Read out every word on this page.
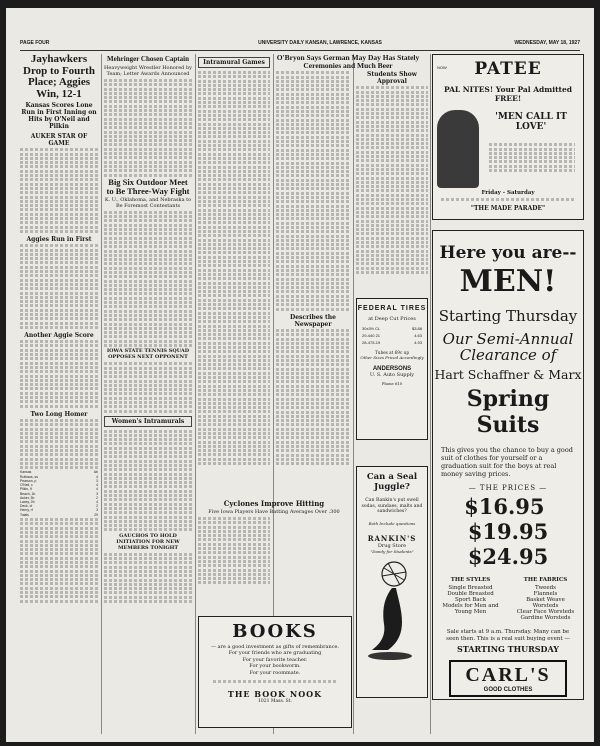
PAGE FOUR	UNIVERSITY DAILY KANSAN, LAWRENCE, KANSAS	WEDNESDAY, MAY 18, 1927
Jayhawkers Drop to Fourth Place; Aggies Win, 12-1
Kansas Scores Lone Run in First Inning on Hits by O'Neil and Pilkin
AUKER STAR OF GAME
Aggies Run in First
Another Aggie Score
Two Long Homer
Kansas	Ab
Ruthaus, ss	4
Pearson, p	3
O'Neil, c	4
Pilkin, lf	4
Beach, 1b	3
Auker, 3b	2
Lacey, 2b	4
Deck, cf	2
Henry, rf	3
Totals	29
Mehringer Chosen Captain
Heavyweight Wrestler Honored by Team; Letter Awards Announced
Big Six Outdoor Meet to Be Three-Way Fight
K. U., Oklahoma, and Nebraska to Be Foremost Contestants
IOWA STATE TENNIS SQUAD OPPOSES NEXT OPPONENT
Women's Intramurals
GAUCHOS TO HOLD INITIATION FOR NEW MEMBERS TONIGHT
Intramural Games
Cyclones Improve Hitting
Five Iowa Players Have Batting Averages Over .300
O'Bryon Says German May Day Has Stately Ceremonies and Much Beer
Describes the Newspaper
Students Show Approval
NOW	PATEE
PAL NITES! Your Pal Admitted FREE!
'MEN CALL IT LOVE'
Friday - Saturday
"THE MADE PARADE"
FEDERAL TIRES
at Deep Cut Prices
30x3½ CL	$3.88
29-440 21	4.63
28-475-19	4.93
Tubes at 69c up
Other Sizes Priced Accordingly
ANDERSONS
U. S. Auto Supply
Phone 610
Can a Seal Juggle?
Can Rankin's put swell sodas, sundaes, malts and sandwiches?
Both Include questions
RANKIN'S
Drug Store
"Dandy for Students"
BOOKS
— are a good investment as gifts of remembrance.
For your friends who are graduating
For your favorite teacher.
For your bookworm.
For your roommate.
THE BOOK NOOK
1021 Mass. St.
Here you are--
MEN!
Starting Thursday
Our Semi-Annual Clearance of
Hart Schaffner & Marx
Spring Suits
This gives you the chance to buy a good suit of clothes for yourself or a graduation suit for the boys at real money saving prices.
— THE PRICES —
$16.95  $19.95
$24.95
THE STYLES
Single Breasted
Double Breasted
Sport Back
Models for Men and Young Men
THE FABRICS
Tweeds
Flannels
Basket Weave Worsteds
Clear Face Worsteds
Gardine Worsteds
Sale starts at 9 a.m. Thursday. Many can be seen then. This is a real suit buying event —
STARTING THURSDAY
CARL'S
GOOD CLOTHES
